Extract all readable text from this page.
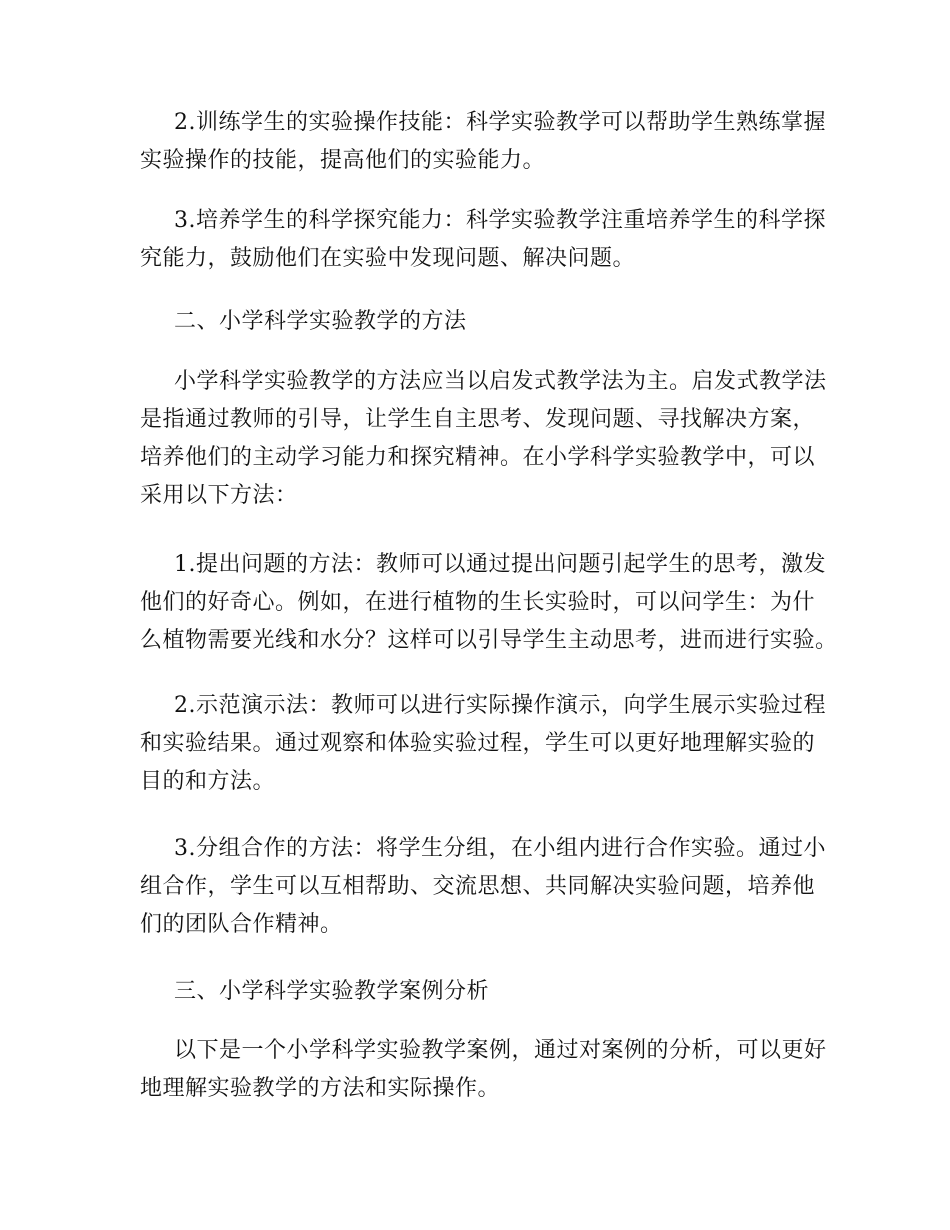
2.训练学生的实验操作技能：科学实验教学可以帮助学生熟练掌握
实验操作的技能，提高他们的实验能力。
3.培养学生的科学探究能力：科学实验教学注重培养学生的科学探
究能力，鼓励他们在实验中发现问题、解决问题。
二、小学科学实验教学的方法
小学科学实验教学的方法应当以启发式教学法为主。启发式教学法
是指通过教师的引导，让学生自主思考、发现问题、寻找解决方案，
培养他们的主动学习能力和探究精神。在小学科学实验教学中，可以
采用以下方法：
1.提出问题的方法：教师可以通过提出问题引起学生的思考，激发
他们的好奇心。例如，在进行植物的生长实验时，可以问学生：为什
么植物需要光线和水分？这样可以引导学生主动思考，进而进行实验。
2.示范演示法：教师可以进行实际操作演示，向学生展示实验过程
和实验结果。通过观察和体验实验过程，学生可以更好地理解实验的
目的和方法。
3.分组合作的方法：将学生分组，在小组内进行合作实验。通过小
组合作，学生可以互相帮助、交流思想、共同解决实验问题，培养他
们的团队合作精神。
三、小学科学实验教学案例分析
以下是一个小学科学实验教学案例，通过对案例的分析，可以更好
地理解实验教学的方法和实际操作。
